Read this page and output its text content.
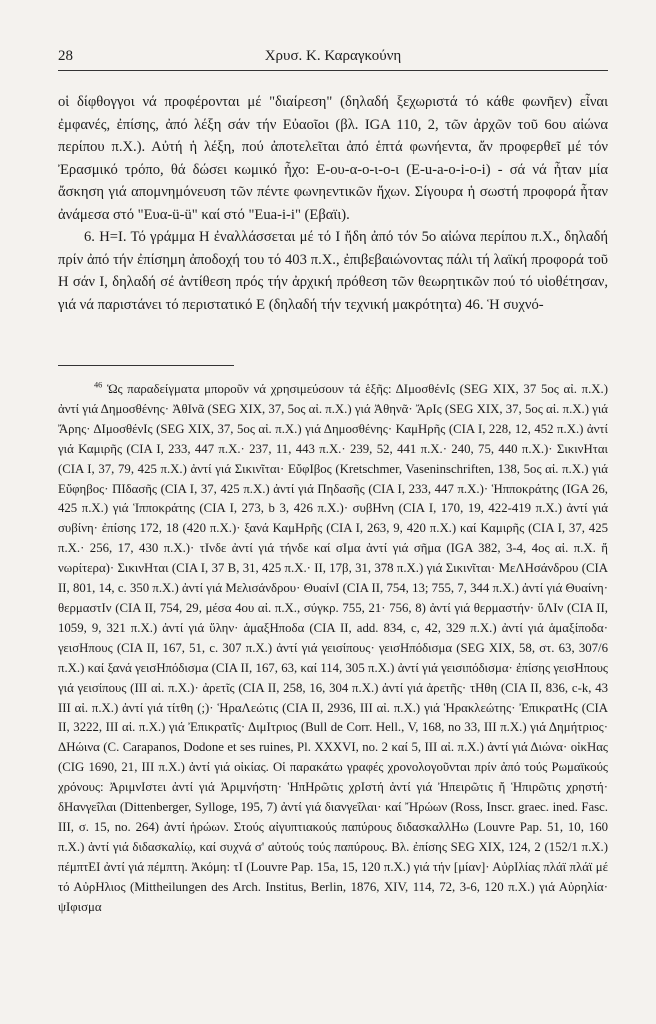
28	Χρυσ. Κ. Καραγκούνη

οἱ δίφθογγοι νά προφέρονται μέ "διαίρεση" (δηλαδή ξεχωριστά τό κάθε φωνῆεν) εἶναι ἐμφανές, ἐπίσης, ἀπό λέξη σάν τήν Εὐαοῖοι (βλ. IGA 110, 2, τῶν ἀρχῶν τοῦ 6ου αἰώνα περίπου π.Χ.). Αὐτή ἡ λέξη, πού ἀποτελεῖται ἀπό ἑπτά φωνήεντα, ἄν προφερθεῖ μέ τόν Ἐρασμικό τρόπο, θά δώσει κωμικό ἦχο: Ε-ου-α-ο-ι-ο-ι (Ε-u-a-o-i-o-i) - σά νά ἦταν μία ἄσκηση γιά απομνημόνευση τῶν πέντε φωνηεντικῶν ἤχων. Σίγουρα ἡ σωστή προφορά ἦταν ἀνάμεσα στό "Eυα-ü-ü" καί στό "Eua-i-i" (Εβαϊι).

6. Η=Ι. Τό γράμμα Η ἐναλλάσσεται μέ τό Ι ἤδη ἀπό τόν 5ο αἰώνα περίπου π.Χ., δηλαδή πρίν ἀπό τήν ἐπίσημη ἀποδοχή του τό 403 π.Χ., ἐπιβεβαιώνοντας πάλι τή λαϊκή προφορά τοῦ Η σάν Ι, δηλαδή σέ ἀντίθεση πρός τήν ἀρχική πρόθεση τῶν θεωρητικῶν πού τό υἱοθέτησαν, γιά νά παριστάνει τό περιστατικό Ε (δηλαδή τήν τεχνική μακρότητα) 46. Ἡ συχνό-

$^{46}$ Ὡς παραδείγματα μποροῦν νά χρησιμεύσουν τά ἑξῆς: ΔΙμοσθένΙς (SEG XIX, 37 5ος αἰ. π.Χ.) ἀντί γιά Δημοσθένης· ἈθΙνᾶ (SEG XIX, 37, 5ος αἰ. π.Χ.) γιά Ἀθηνᾶ· ἌρΙς (SEG XIX, 37, 5ος αἰ. π.Χ.) γιά Ἄρης· ΔΙμοσθένΙς (SEG XIX, 37, 5ος αἰ. π.Χ.) γιά Δημοσθένης· ΚαμΗρῆς (CIA I, 228, 12, 452 π.Χ.) ἀντί γιά Καμιρῆς (CIA I, 233, 447 π.Χ.· 237, 11, 443 π.Χ.· 239, 52, 441 π.Χ.· 240, 75, 440 π.Χ.)· ΣικινΗται (CIA I, 37, 79, 425 π.Χ.) ἀντί γιά Σικινῖται· ΕὔφΙβος (Kretschmer, Vaseninschriften, 138, 5ος αἰ. π.Χ.) γιά Εὔφηβος· ΠΙδασῆς (CIA I, 37, 425 π.Χ.) ἀντί γιά Πηδασῆς (CIA I, 233, 447 π.Χ.)· Ἡπποκράτης (IGA 26, 425 π.Χ.) γιά Ἱπποκράτης (CIA I, 273, b 3, 426 π.Χ.)· συβΗνη (CIA I, 170, 19, 422-419 π.Χ.) ἀντί γιά συβίνη· ἐπίσης 172, 18 (420 π.Χ.)· ξανά ΚαμΗρῆς (CIA I, 263, 9, 420 π.Χ.) καί Καμιρῆς (CIA I, 37, 425 π.Χ.· 256, 17, 430 π.Χ.)· τΙνδε ἀντί γιά τήνδε καί σΙμα ἀντί γιά σῆμα (IGA 382, 3-4, 4ος αἰ. π.Χ. ἤ νωρίτερα)· ΣικινΗται (CIA I, 37 B, 31, 425 π.Χ.· II, 17β, 31, 378 π.Χ.) γιά Σικινῖται· ΜεΛΗσάνδρου (CIA II, 801, 14, c. 350 π.Χ.) ἀντί γιά Μελισάνδρου· ΘυαίνΙ (CIA II, 754, 13; 755, 7, 344 π.Χ.) ἀντί γιά Θυαίνη· θερμαστΙν (CIA II, 754, 29, μέσα 4ου αἰ. π.Χ., σύγκρ. 755, 21· 756, 8) ἀντί γιά θερμαστήν· ὕΛΙν (CIA II, 1059, 9, 321 π.Χ.) ἀντί γιά ὕλην· ἁμαξΗποδα (CIA II, add. 834, c, 42, 329 π.Χ.) ἀντί γιά ἁμαξίποδα· γεισΗπους (CIA II, 167, 51, c. 307 π.Χ.) ἀντί γιά γεισίπους· γεισΗπόδισμα (SEG XIX, 58, στ. 63, 307/6 π.Χ.) καί ξανά γεισΗπόδισμα (CIA II, 167, 63, καί 114, 305 π.Χ.) ἀντί γιά γεισιπόδισμα· ἐπίσης γεισΗπους γιά γεισίπους (III αἰ. π.Χ.)· ἀρετῖς (CIA II, 258, 16, 304 π.Χ.) ἀντί γιά ἀρετῆς· τΗθη (CIA II, 836, c-k, 43 III αἰ. π.Χ.) ἀντί γιά τίτθη (;)· ἩραΛεώτις (CIA II, 2936, III αἰ. π.Χ.) γιά Ἡρακλεώτης· ἘπικρατΗς (CIA II, 3222, III αἰ. π.Χ.) γιά Ἐπικρατῖς· ΔιμΙτριος (Bull de Corr. Hell., V, 168, no 33, III π.Χ.) γιά Δημήτριος· ΔΗώινα (C. Carapanos, Dodone et ses ruines, Pl. XXXVI, no. 2 καί 5, III αἰ. π.Χ.) ἀντί γιά Διώνα· οἰκΗας (CIG 1690, 21, III π.Χ.) ἀντί γιά οἰκίας. Οἱ παρακάτω γραφές χρονολογοῦνται πρίν ἀπό τούς Ρωμαϊκούς χρόνους: ἈριμνΙστει ἀντί γιά Ἀριμνήστη· ἩπΗρῶτις χρΙστή ἀντί γιά Ἠπειρῶτις ἤ Ἡπιρῶτις χρηστή· δΗανγεΐλαι (Dittenberger, Sylloge, 195, 7) ἀντί γιά διανγεΐλαι· καί Ἤρώων (Ross, Inscr. graec. ined. Fasc. III, σ. 15, no. 264) ἀντί ἡρώων. Στούς αἰγυπτιακούς παπύρους διδασκαλλΗω (Louvre Pap. 51, 10, 160 π.Χ.) ἀντί γιά διδασκαλίῳ, καί συχνά σ' αὐτούς τούς παπύρους. Βλ. ἐπίσης SEG XIX, 124, 2 (152/1 π.Χ.) πέμπτΕΙ ἀντί γιά πέμπτη. Ἀκόμη: τΙ (Louvre Pap. 15a, 15, 120 π.Χ.) γιά τήν [μίαν]· ΑὐρΙλίας πλάϊ πλάϊ μέ τό ΑὐρΗλιος (Mittheilungen des Arch. Institus, Berlin, 1876, XIV, 114, 72, 3-6, 120 π.Χ.) γιά Αὐρηλία· ψΙφισμα
